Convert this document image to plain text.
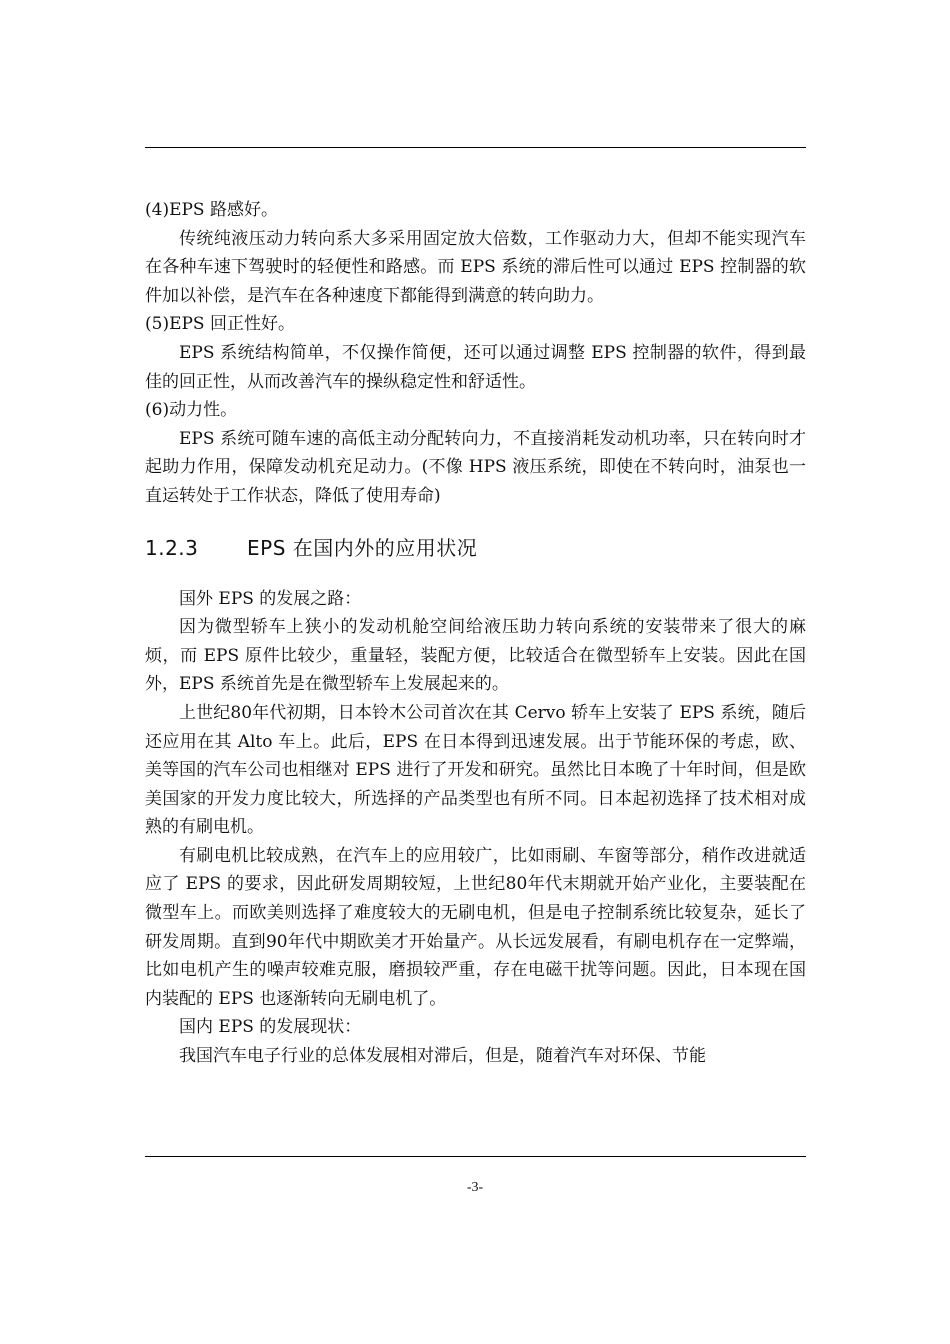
(4)EPS 路感好。

传统纯液压动力转向系大多采用固定放大倍数，工作驱动力大，但却不能实现汽车在各种车速下驾驶时的轻便性和路感。而 EPS 系统的滞后性可以通过 EPS 控制器的软件加以补偿，是汽车在各种速度下都能得到满意的转向助力。

(5)EPS 回正性好。

EPS 系统结构简单，不仅操作简便，还可以通过调整 EPS 控制器的软件，得到最佳的回正性，从而改善汽车的操纵稳定性和舒适性。

(6)动力性。

EPS 系统可随车速的高低主动分配转向力，不直接消耗发动机功率，只在转向时才起助力作用，保障发动机充足动力。(不像 HPS 液压系统，即使在不转向时，油泵也一直运转处于工作状态，降低了使用寿命)

1.2.3 EPS 在国内外的应用状况

国外 EPS 的发展之路：

因为微型轿车上狭小的发动机舱空间给液压助力转向系统的安装带来了很大的麻烦，而 EPS 原件比较少，重量轻，装配方便，比较适合在微型轿车上安装。因此在国外，EPS 系统首先是在微型轿车上发展起来的。

上世纪80年代初期，日本铃木公司首次在其 Cervo 轿车上安装了 EPS 系统，随后还应用在其 Alto 车上。此后，EPS 在日本得到迅速发展。出于节能环保的考虑，欧、美等国的汽车公司也相继对 EPS 进行了开发和研究。虽然比日本晚了十年时间，但是欧美国家的开发力度比较大，所选择的产品类型也有所不同。日本起初选择了技术相对成熟的有刷电机。

有刷电机比较成熟，在汽车上的应用较广，比如雨刷、车窗等部分，稍作改进就适应了 EPS 的要求，因此研发周期较短，上世纪80年代末期就开始产业化，主要装配在微型车上。而欧美则选择了难度较大的无刷电机，但是电子控制系统比较复杂，延长了研发周期。直到90年代中期欧美才开始量产。从长远发展看，有刷电机存在一定弊端，比如电机产生的噪声较难克服，磨损较严重，存在电磁干扰等问题。因此，日本现在国内装配的 EPS 也逐渐转向无刷电机了。

国内 EPS 的发展现状：

我国汽车电子行业的总体发展相对滞后，但是，随着汽车对环保、节能

-3-
